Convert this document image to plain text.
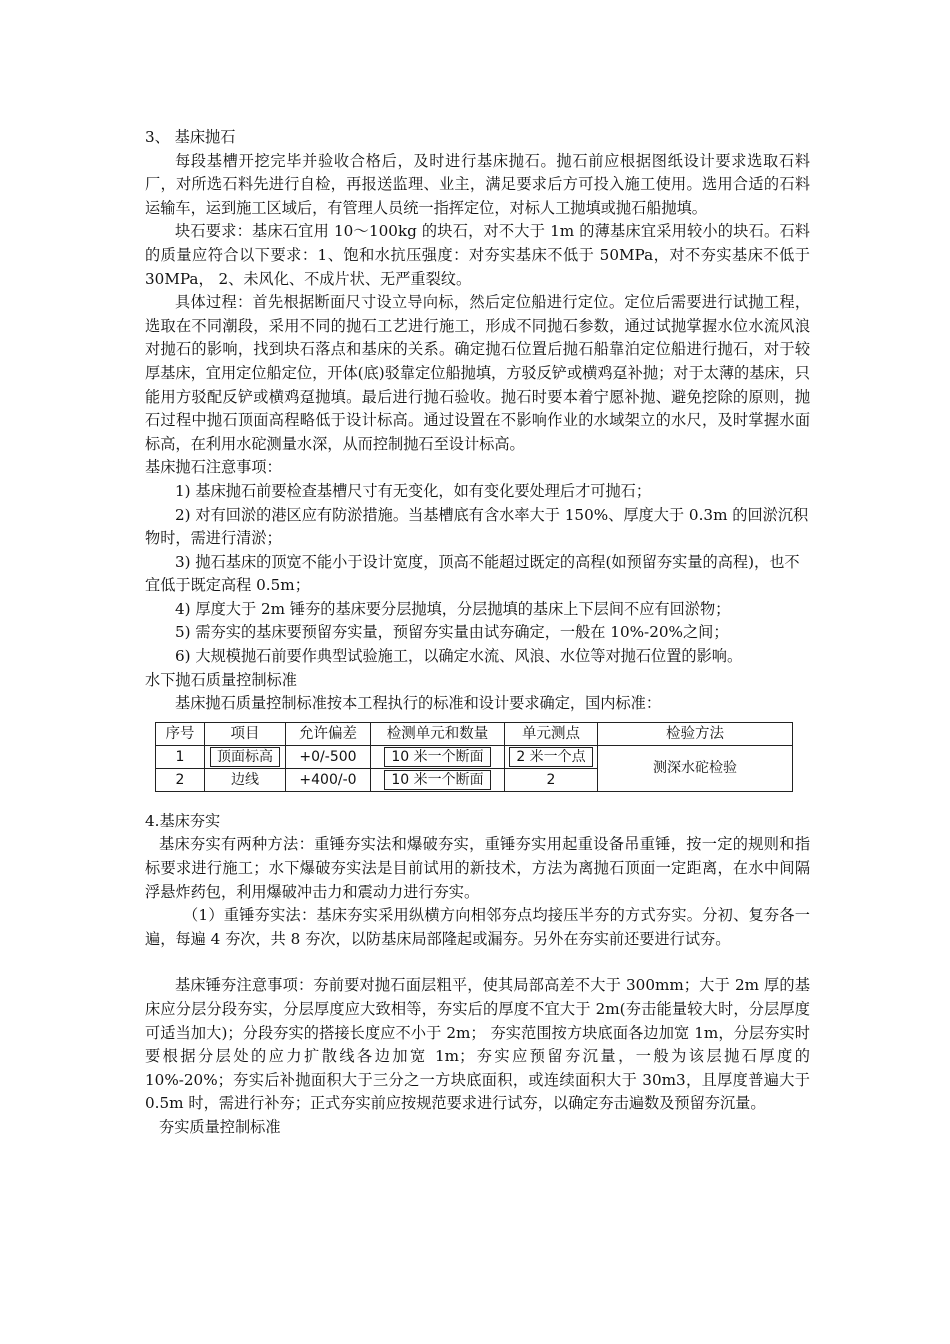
3、 基床抛石

每段基槽开挖完毕并验收合格后，及时进行基床抛石。抛石前应根据图纸设计要求选取石料厂，对所选石料先进行自检，再报送监理、业主，满足要求后方可投入施工使用。选用合适的石料运输车，运到施工区域后，有管理人员统一指挥定位，对标人工抛填或抛石船抛填。

块石要求：基床石宜用 10～100kg 的块石，对不大于 1m 的薄基床宜采用较小的块石。石料的质量应符合以下要求：1、饱和水抗压强度：对夯实基床不低于 50MPa，对不夯实基床不低于 30MPa， 2、未风化、不成片状、无严重裂纹。

具体过程：首先根据断面尺寸设立导向标，然后定位船进行定位。定位后需要进行试抛工程，选取在不同潮段，采用不同的抛石工艺进行施工，形成不同抛石参数，通过试抛掌握水位水流风浪对抛石的影响，找到块石落点和基床的关系。确定抛石位置后抛石船靠泊定位船进行抛石，对于较厚基床，宜用定位船定位，开体(底)驳靠定位船抛填，方驳反铲或横鸡趸补抛；对于太薄的基床，只能用方驳配反铲或横鸡趸抛填。最后进行抛石验收。抛石时要本着宁愿补抛、避免挖除的原则，抛石过程中抛石顶面高程略低于设计标高。通过设置在不影响作业的水域架立的水尺，及时掌握水面标高，在利用水砣测量水深，从而控制抛石至设计标高。

基床抛石注意事项：

1) 基床抛石前要检查基槽尺寸有无变化，如有变化要处理后才可抛石；

2) 对有回淤的港区应有防淤措施。当基槽底有含水率大于 150%、厚度大于 0.3m 的回淤沉积物时，需进行清淤；

3) 抛石基床的顶宽不能小于设计宽度，顶高不能超过既定的高程(如预留夯实量的高程)，也不宜低于既定高程 0.5m；

4) 厚度大于 2m 锤夯的基床要分层抛填，分层抛填的基床上下层间不应有回淤物；

5) 需夯实的基床要预留夯实量，预留夯实量由试夯确定，一般在 10%-20%之间；

6) 大规模抛石前要作典型试验施工，以确定水流、风浪、水位等对抛石位置的影响。

水下抛石质量控制标准

基床抛石质量控制标准按本工程执行的标准和设计要求确定，国内标准：

序号	项目	允许偏差	检测单元和数量	单元测点	检验方法
1	顶面标高	+0/-500	10 米一个断面	2 米一个点	测深水砣检验
2	边线	+400/-0	10 米一个断面	2	

4.基床夯实

基床夯实有两种方法：重锤夯实法和爆破夯实，重锤夯实用起重设备吊重锤，按一定的规则和指标要求进行施工；水下爆破夯实法是目前试用的新技术，方法为离抛石顶面一定距离，在水中间隔浮悬炸药包，利用爆破冲击力和震动力进行夯实。

（1）重锤夯实法：基床夯实采用纵横方向相邻夯点均接压半夯的方式夯实。分初、复夯各一遍，每遍 4 夯次，共 8 夯次，以防基床局部隆起或漏夯。另外在夯实前还要进行试夯。

基床锤夯注意事项：夯前要对抛石面层粗平，使其局部高差不大于 300mm；大于 2m 厚的基床应分层分段夯实，分层厚度应大致相等，夯实后的厚度不宜大于 2m(夯击能量较大时，分层厚度可适当加大)；分段夯实的搭接长度应不小于 2m； 夯实范围按方块底面各边加宽 1m，分层夯实时要根据分层处的应力扩散线各边加宽 1m；夯实应预留夯沉量，一般为该层抛石厚度的 10%-20%；夯实后补抛面积大于三分之一方块底面积，或连续面积大于 30m3，且厚度普遍大于 0.5m 时，需进行补夯；正式夯实前应按规范要求进行试夯，以确定夯击遍数及预留夯沉量。

夯实质量控制标准
